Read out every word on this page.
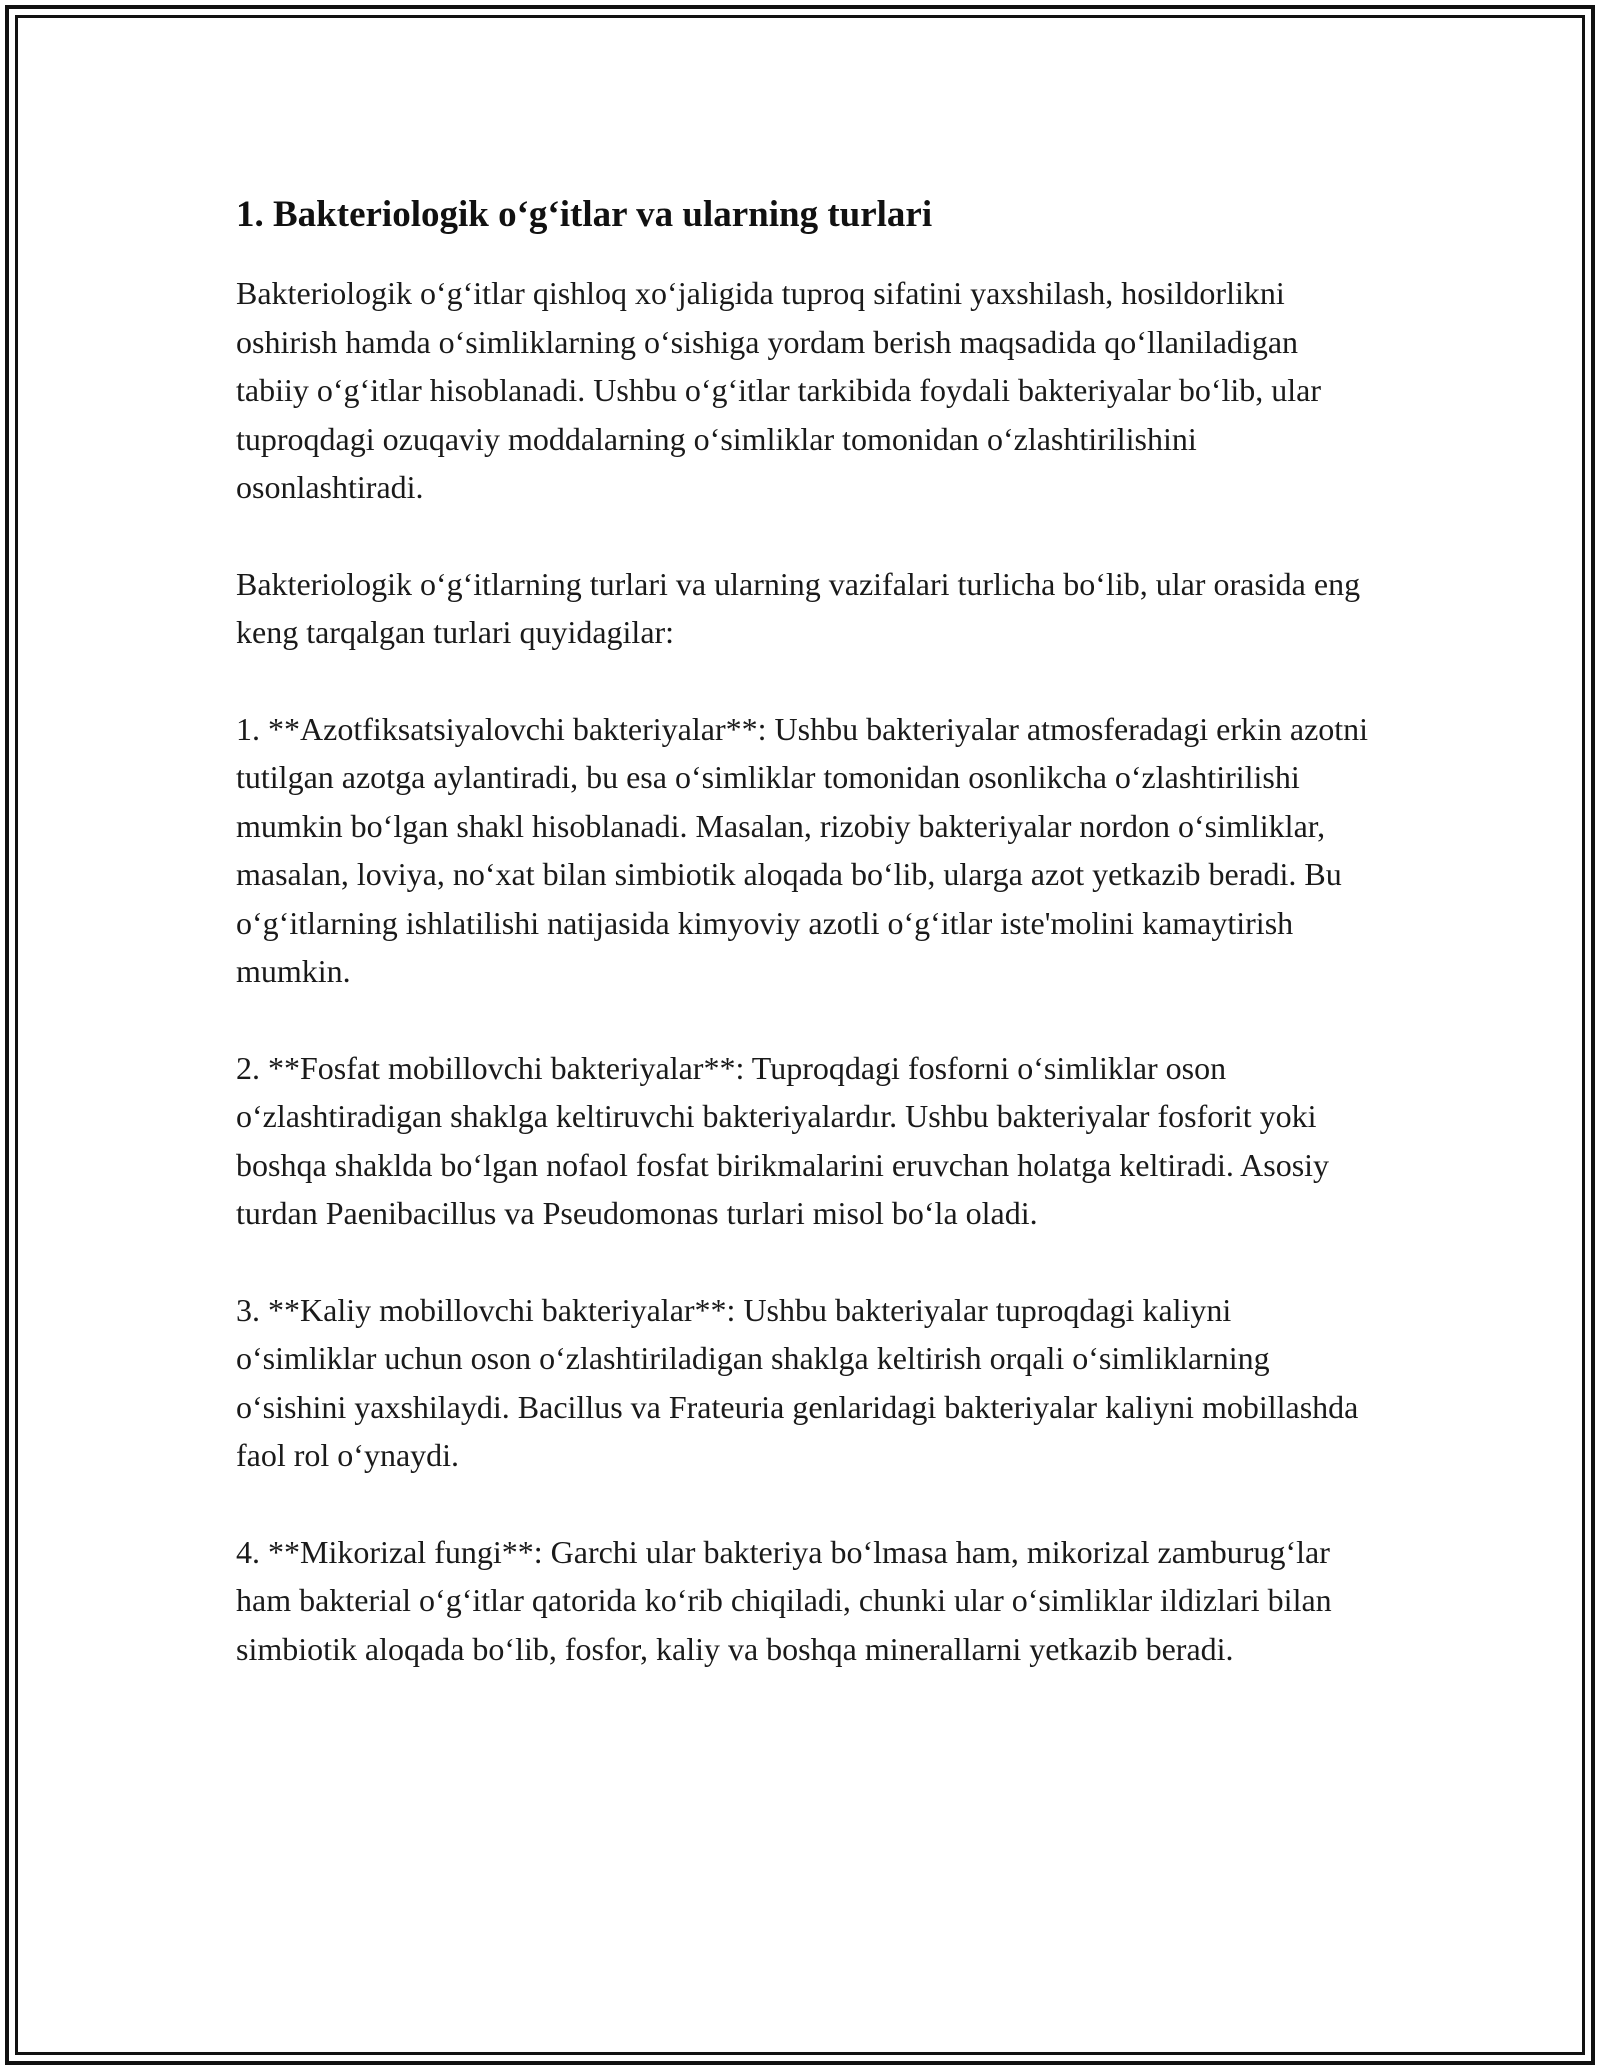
1. Bakteriologik o‘g‘itlar va ularning turlari

Bakteriologik o‘g‘itlar qishloq xo‘jaligida tuproq sifatini yaxshilash, hosildorlikni oshirish hamda o‘simliklarning o‘sishiga yordam berish maqsadida qo‘llaniladigan tabiiy o‘g‘itlar hisoblanadi. Ushbu o‘g‘itlar tarkibida foydali bakteriyalar bo‘lib, ular tuproqdagi ozuqaviy moddalarning o‘simliklar tomonidan o‘zlashtirilishini osonlashtiradi.

Bakteriologik o‘g‘itlarning turlari va ularning vazifalari turlicha bo‘lib, ular orasida eng keng tarqalgan turlari quyidagilar:

1. **Azotfiksatsiyalovchi bakteriyalar**: Ushbu bakteriyalar atmosferadagi erkin azotni tutilgan azotga aylantiradi, bu esa o‘simliklar tomonidan osonlikcha o‘zlashtirilishi mumkin bo‘lgan shakl hisoblanadi. Masalan, rizobiy bakteriyalar nordon o‘simliklar, masalan, loviya, no‘xat bilan simbiotik aloqada bo‘lib, ularga azot yetkazib beradi. Bu o‘g‘itlarning ishlatilishi natijasida kimyoviy azotli o‘g‘itlar iste'molini kamaytirish mumkin.

2. **Fosfat mobillovchi bakteriyalar**: Tuproqdagi fosforni o‘simliklar oson o‘zlashtiradigan shaklga keltiruvchi bakteriyalardır. Ushbu bakteriyalar fosforit yoki boshqa shaklda bo‘lgan nofaol fosfat birikmalarini eruvchan holatga keltiradi. Asosiy turdan Paenibacillus va Pseudomonas turlari misol bo‘la oladi.

3. **Kaliy mobillovchi bakteriyalar**: Ushbu bakteriyalar tuproqdagi kaliyni o‘simliklar uchun oson o‘zlashtiriladigan shaklga keltirish orqali o‘simliklarning o‘sishini yaxshilaydi. Bacillus va Frateuria genlaridagi bakteriyalar kaliyni mobillashda faol rol o‘ynaydi.

4. **Mikorizal fungi**: Garchi ular bakteriya bo‘lmasa ham, mikorizal zamburug‘lar ham bakterial o‘g‘itlar qatorida ko‘rib chiqiladi, chunki ular o‘simliklar ildizlari bilan simbiotik aloqada bo‘lib, fosfor, kaliy va boshqa minerallarni yetkazib beradi.
